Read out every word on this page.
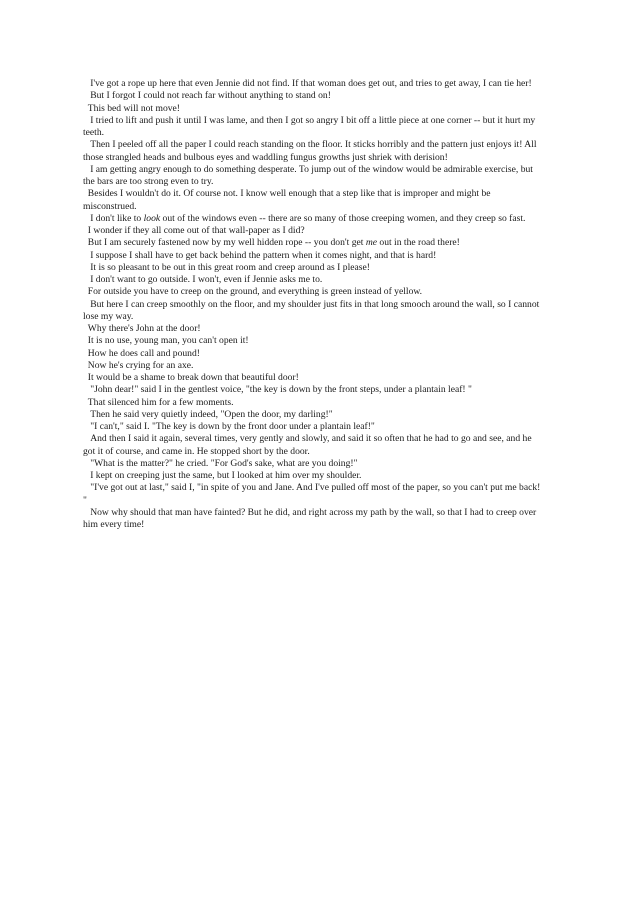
I've got a rope up here that even Jennie did not find. If that woman does get out, and tries to get away, I can tie her!

But I forgot I could not reach far without anything to stand on!

This bed will not move!

I tried to lift and push it until I was lame, and then I got so angry I bit off a little piece at one corner -- but it hurt my teeth.

Then I peeled off all the paper I could reach standing on the floor. It sticks horribly and the pattern just enjoys it! All those strangled heads and bulbous eyes and waddling fungus growths just shriek with derision!

I am getting angry enough to do something desperate. To jump out of the window would be admirable exercise, but the bars are too strong even to try.

Besides I wouldn't do it. Of course not. I know well enough that a step like that is improper and might be misconstrued.

I don't like to look out of the windows even -- there are so many of those creeping women, and they creep so fast.

I wonder if they all come out of that wall-paper as I did?

But I am securely fastened now by my well hidden rope -- you don't get me out in the road there!

I suppose I shall have to get back behind the pattern when it comes night, and that is hard!

It is so pleasant to be out in this great room and creep around as I please!

I don't want to go outside. I won't, even if Jennie asks me to.

For outside you have to creep on the ground, and everything is green instead of yellow.

But here I can creep smoothly on the floor, and my shoulder just fits in that long smooch around the wall, so I cannot lose my way.

Why there's John at the door!

It is no use, young man, you can't open it!

How he does call and pound!

Now he's crying for an axe.

It would be a shame to break down that beautiful door!

"John dear!" said I in the gentlest voice, "the key is down by the front steps, under a plantain leaf! "

That silenced him for a few moments.

Then he said very quietly indeed, "Open the door, my darling!"

"I can't," said I. "The key is down by the front door under a plantain leaf!"

And then I said it again, several times, very gently and slowly, and said it so often that he had to go and see, and he got it of course, and came in. He stopped short by the door.

"What is the matter?" he cried. "For God's sake, what are you doing!"

I kept on creeping just the same, but I looked at him over my shoulder.

"I've got out at last," said I, "in spite of you and Jane. And I've pulled off most of the paper, so you can't put me back! "

Now why should that man have fainted? But he did, and right across my path by the wall, so that I had to creep over him every time!
